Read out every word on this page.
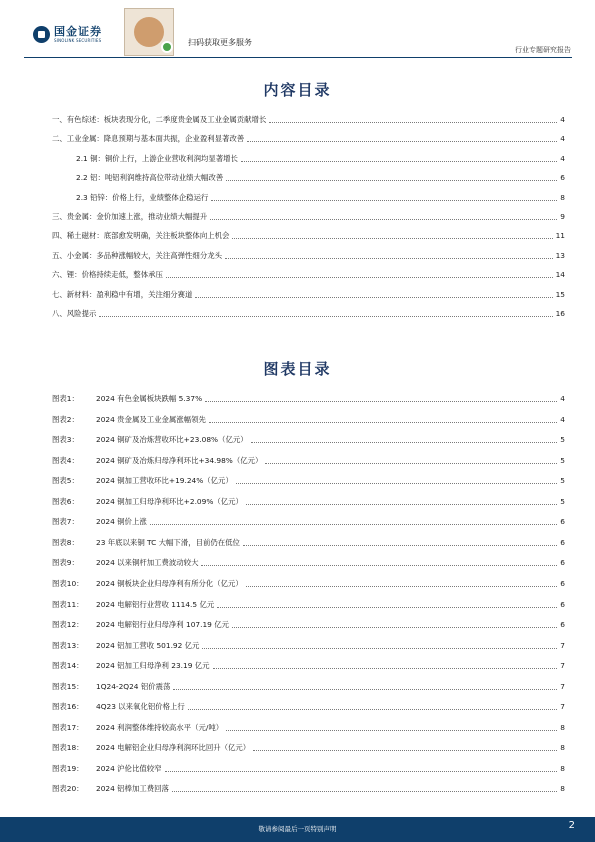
国金证券
SINOLINK SECURITIES	扫码获取更多服务
行业专题研究报告
内容目录
一、有色综述：板块表现分化，二季度贵金属及工业金属贡献增长	4
二、工业金属：降息预期与基本面共振，企业盈利显著改善	4
2.1 铜：铜价上行，上游企业营收利润均显著增长	4
2.2 铝：吨铝利润维持高位带动业绩大幅改善	6
2.3 铅锌：价格上行，业绩整体企稳运行	8
三、贵金属：金价加速上涨，推动业绩大幅提升	9
四、稀土磁材：底部愈发明确，关注板块整体向上机会	11
五、小金属：多品种涨幅较大，关注高弹性细分龙头	13
六、锂：价格持续走低，整体承压	14
七、新材料：盈利稳中有增，关注细分赛道	15
八、风险提示	16
图表目录
图表1： 2024 有色金属板块跌幅 5.37%	4
图表2： 2024 贵金属及工业金属涨幅领先	4
图表3： 2024 铜矿及冶炼营收环比+23.08%（亿元）	5
图表4： 2024 铜矿及冶炼归母净利环比+34.98%（亿元）	5
图表5： 2024 铜加工营收环比+19.24%（亿元）	5
图表6： 2024 铜加工归母净利环比+2.09%（亿元）	5
图表7： 2024 铜价上涨	6
图表8： 23 年底以来铜 TC 大幅下滑，目前仍在低位	6
图表9： 2024 以来铜杆加工费波动较大	6
图表10： 2024 铜板块企业归母净利有所分化（亿元）	6
图表11： 2024 电解铝行业营收 1114.5 亿元	6
图表12： 2024 电解铝行业归母净利 107.19 亿元	6
图表13： 2024 铝加工营收 501.92 亿元	7
图表14： 2024 铝加工归母净利 23.19 亿元	7
图表15： 1Q24-2Q24 铝价震荡	7
图表16： 4Q23 以来氧化铝价格上行	7
图表17： 2024 利润整体维持较高水平（元/吨）	8
图表18： 2024 电解铝企业归母净利润环比回升（亿元）	8
图表19： 2024 沪伦比值较窄	8
图表20： 2024 铝棒加工费回落	8
敬请参阅最后一页特别声明	2
